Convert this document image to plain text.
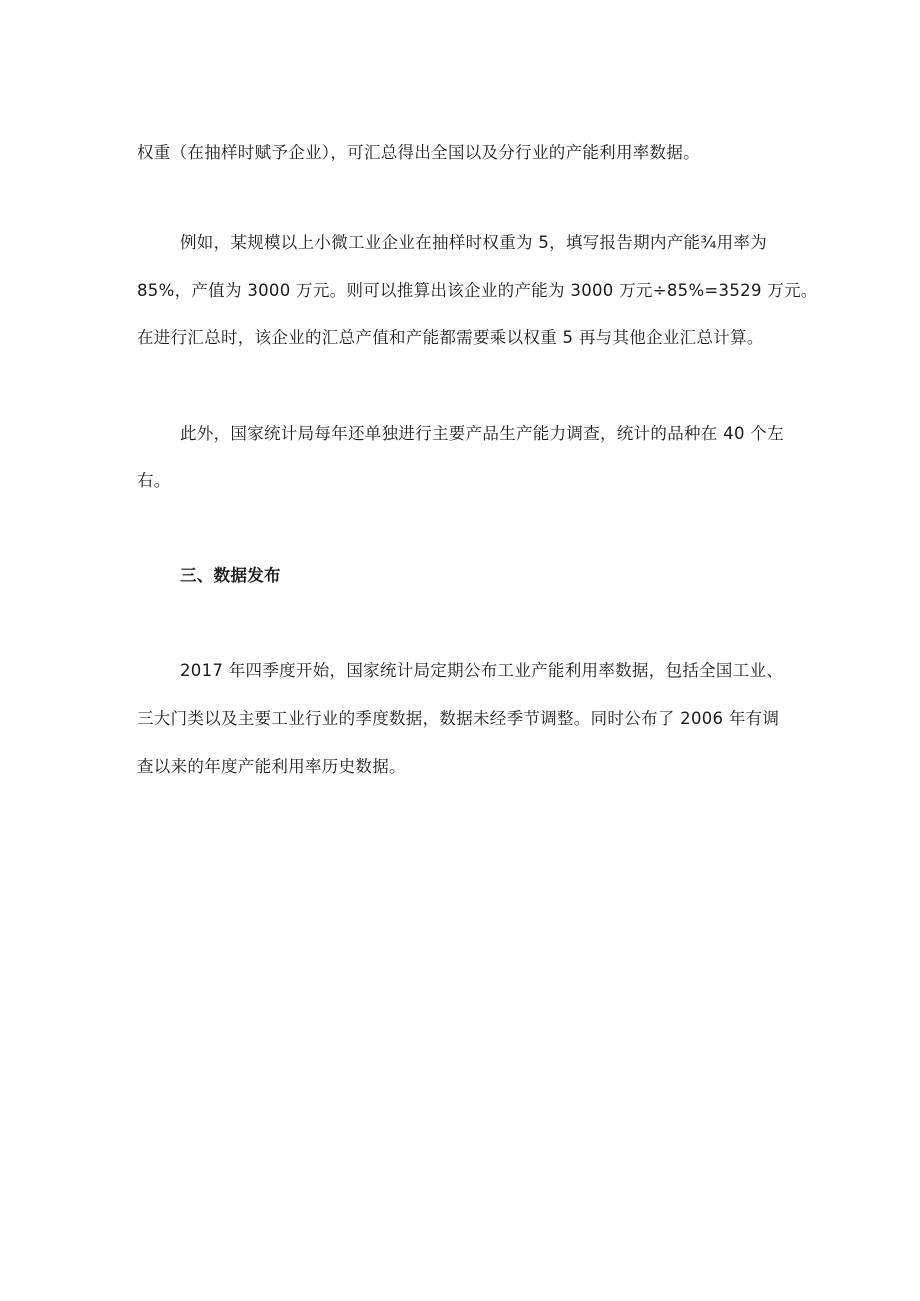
权重（在抽样时赋予企业），可汇总得出全国以及分行业的产能利用率数据。
例如，某规模以上小微工业企业在抽样时权重为 5，填写报告期内产能¾用率为
85%，产值为 3000 万元。则可以推算出该企业的产能为 3000 万元÷85%=3529 万元。
在进行汇总时，该企业的汇总产值和产能都需要乘以权重 5 再与其他企业汇总计算。
此外，国家统计局每年还单独进行主要产品生产能力调查，统计的品种在 40 个左
右。
三、数据发布
2017 年四季度开始，国家统计局定期公布工业产能利用率数据，包括全国工业、
三大门类以及主要工业行业的季度数据，数据未经季节调整。同时公布了 2006 年有调
查以来的年度产能利用率历史数据。
